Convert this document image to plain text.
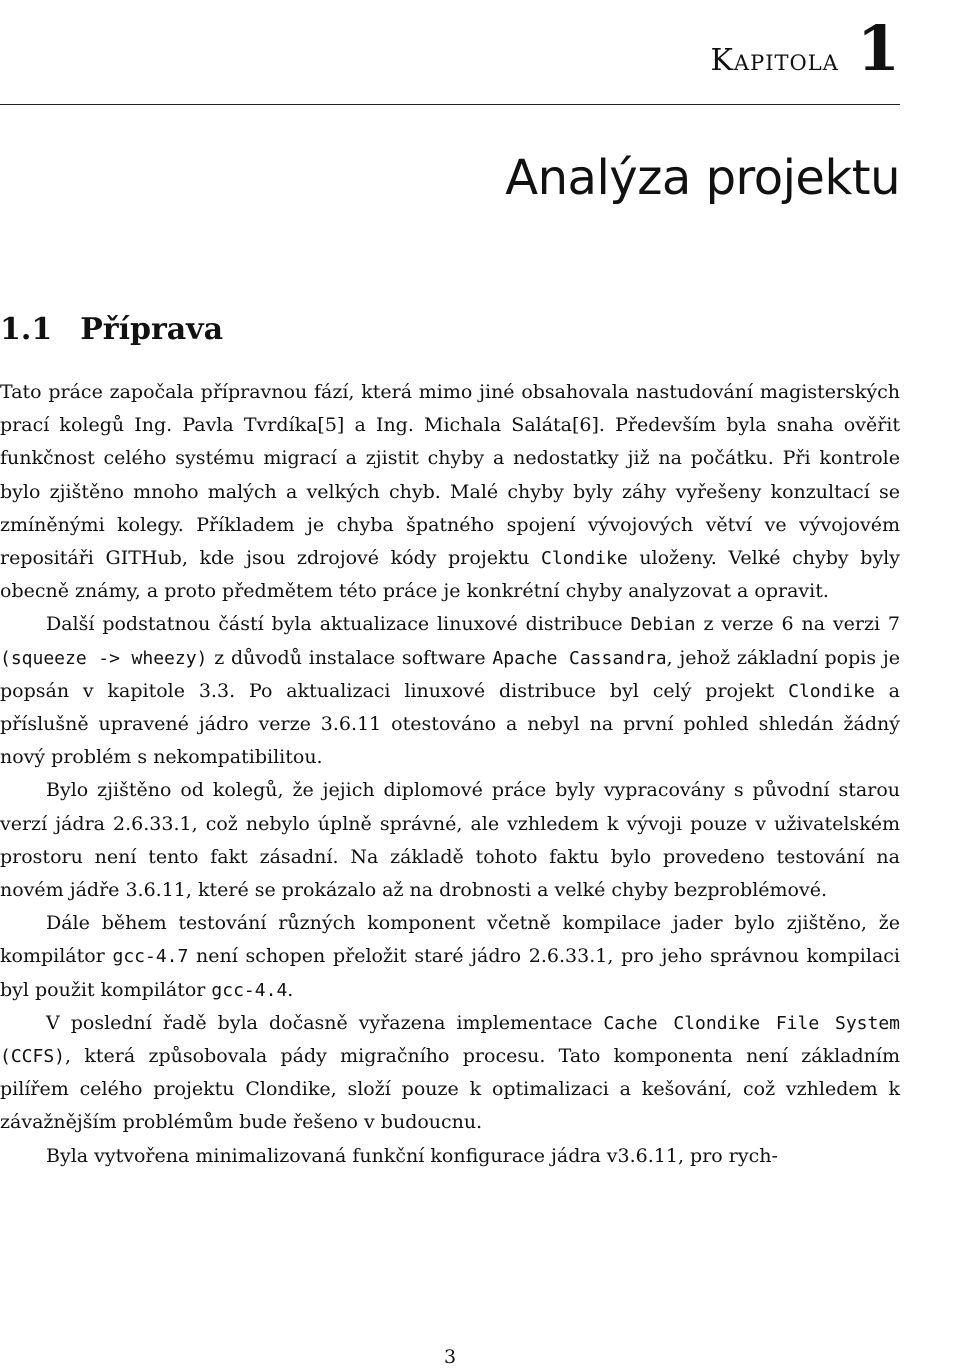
Kapitola 1
Analýza projektu
1.1 Příprava

Tato práce započala přípravnou fází, která mimo jiné obsahovala nastudování magisterských prací kolegů Ing. Pavla Tvrdíka[5] a Ing. Michala Saláta[6]. Především byla snaha ověřit funkčnost celého systému migrací a zjistit chyby a nedostatky již na počátku. Při kontrole bylo zjištěno mnoho malých a velkých chyb. Malé chyby byly záhy vyřešeny konzultací se zmíněnými kolegy. Příkladem je chyba špatného spojení vývojových větví ve vývojovém repositáři GITHub, kde jsou zdrojové kódy projektu Clondike uloženy. Velké chyby byly obecně známy, a proto předmětem této práce je konkrétní chyby analyzovat a opravit.

Další podstatnou částí byla aktualizace linuxové distribuce Debian z verze 6 na verzi 7 (squeeze -> wheezy) z důvodů instalace software Apache Cassandra, jehož základní popis je popsán v kapitole 3.3. Po aktualizaci linuxové distribuce byl celý projekt Clondike a příslušně upravené jádro verze 3.6.11 otestováno a nebyl na první pohled shledán žádný nový problém s nekompatibilitou.

Bylo zjištěno od kolegů, že jejich diplomové práce byly vypracovány s původní starou verzí jádra 2.6.33.1, což nebylo úplně správné, ale vzhledem k vývoji pouze v uživatelském prostoru není tento fakt zásadní. Na základě tohoto faktu bylo provedeno testování na novém jádře 3.6.11, které se prokázalo až na drobnosti a velké chyby bezproblémové.

Dále během testování různých komponent včetně kompilace jader bylo zjištěno, že kompilátor gcc-4.7 není schopen přeložit staré jádro 2.6.33.1, pro jeho správnou kompilaci byl použit kompilátor gcc-4.4.

V poslední řadě byla dočasně vyřazena implementace Cache Clondike File System (CCFS), která způsobovala pády migračního procesu. Tato komponenta není základním pilířem celého projektu Clondike, složí pouze k optimalizaci a kešování, což vzhledem k závažnějším problémům bude řešeno v budoucnu.

Byla vytvořena minimalizovaná funkční konfigurace jádra v3.6.11, pro rych-

3
